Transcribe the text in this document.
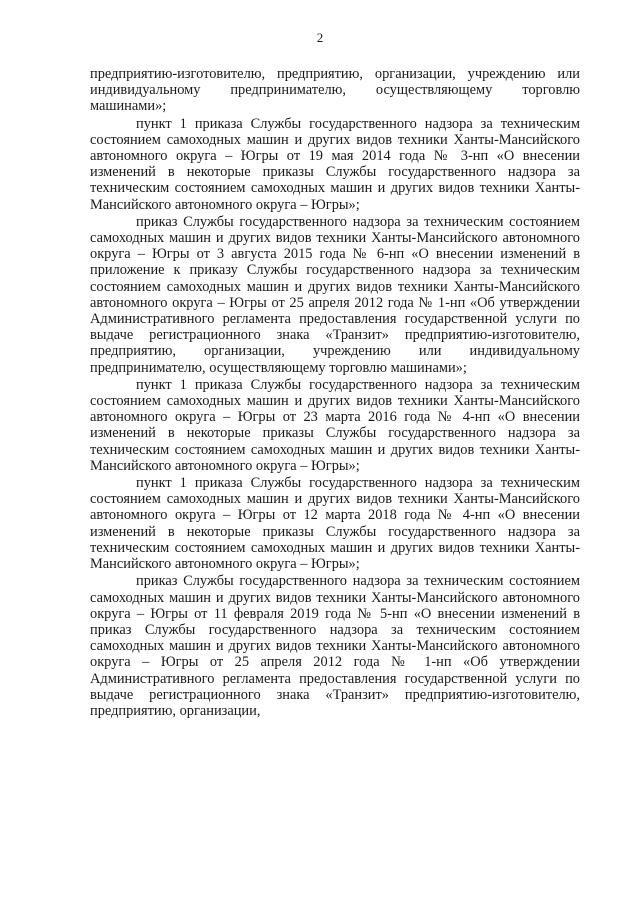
2

предприятию-изготовителю, предприятию, организации, учреждению или индивидуальному предпринимателю, осуществляющему торговлю машинами»;

пункт 1 приказа Службы государственного надзора за техническим состоянием самоходных машин и других видов техники Ханты-Мансийского автономного округа – Югры от 19 мая 2014 года № 3-нп «О внесении изменений в некоторые приказы Службы государственного надзора за техническим состоянием самоходных машин и других видов техники Ханты-Мансийского автономного округа – Югры»;

приказ Службы государственного надзора за техническим состоянием самоходных машин и других видов техники Ханты-Мансийского автономного округа – Югры от 3 августа 2015 года № 6-нп «О внесении изменений в приложение к приказу Службы государственного надзора за техническим состоянием самоходных машин и других видов техники Ханты-Мансийского автономного округа – Югры от 25 апреля 2012 года № 1-нп «Об утверждении Административного регламента предоставления государственной услуги по выдаче регистрационного знака «Транзит» предприятию-изготовителю, предприятию, организации, учреждению или индивидуальному предпринимателю, осуществляющему торговлю машинами»;

пункт 1 приказа Службы государственного надзора за техническим состоянием самоходных машин и других видов техники Ханты-Мансийского автономного округа – Югры от 23 марта 2016 года № 4-нп «О внесении изменений в некоторые приказы Службы государственного надзора за техническим состоянием самоходных машин и других видов техники Ханты-Мансийского автономного округа – Югры»;

пункт 1 приказа Службы государственного надзора за техническим состоянием самоходных машин и других видов техники Ханты-Мансийского автономного округа – Югры от 12 марта 2018 года № 4-нп «О внесении изменений в некоторые приказы Службы государственного надзора за техническим состоянием самоходных машин и других видов техники Ханты-Мансийского автономного округа – Югры»;

приказ Службы государственного надзора за техническим состоянием самоходных машин и других видов техники Ханты-Мансийского автономного округа – Югры от 11 февраля 2019 года № 5-нп «О внесении изменений в приказ Службы государственного надзора за техническим состоянием самоходных машин и других видов техники Ханты-Мансийского автономного округа – Югры от 25 апреля 2012 года № 1-нп «Об утверждении Административного регламента предоставления государственной услуги по выдаче регистрационного знака «Транзит» предприятию-изготовителю, предприятию, организации,
